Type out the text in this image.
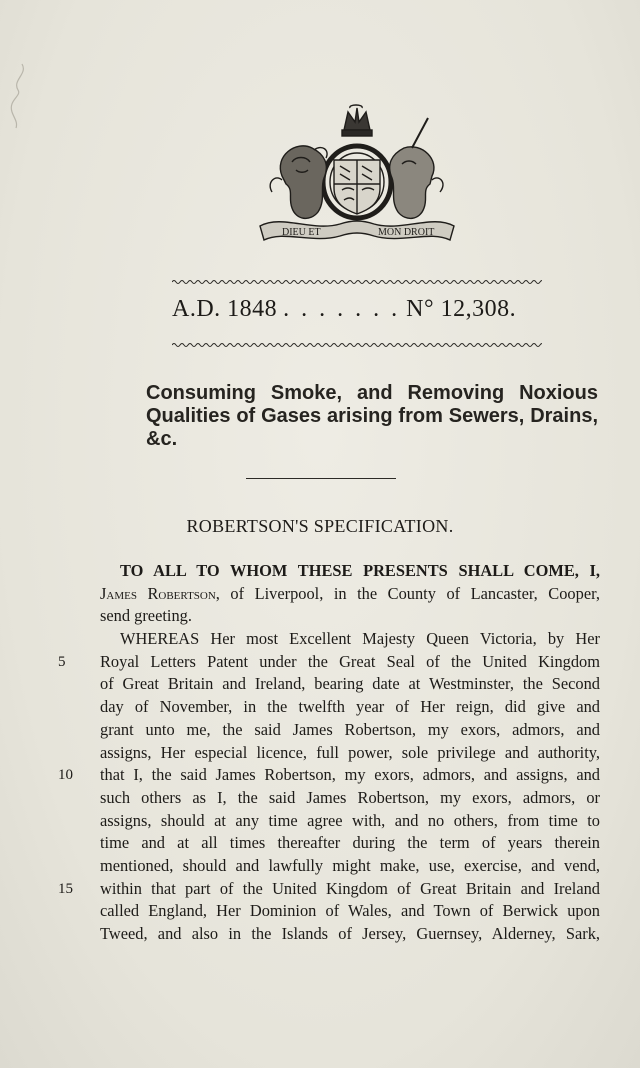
DIEU ET	MON DROIT
A.D. 1848 . . . . . . . N° 12,308.
Consuming Smoke, and Removing Noxious Qualities of Gases arising from Sewers, Drains, &c.
ROBERTSON'S SPECIFICATION.
TO ALL TO WHOM THESE PRESENTS SHALL COME, I,
James Robertson, of Liverpool, in the County of Lancaster, Cooper,
send greeting.
WHEREAS Her most Excellent Majesty Queen Victoria, by Her
5	Royal Letters Patent under the Great Seal of the United Kingdom
of Great Britain and Ireland, bearing date at Westminster, the Second
day of November, in the twelfth year of Her reign, did give and
grant unto me, the said James Robertson, my exors, admors, and
assigns, Her especial licence, full power, sole privilege and authority,
10	that I, the said James Robertson, my exors, admors, and assigns, and
such others as I, the said James Robertson, my exors, admors, or
assigns, should at any time agree with, and no others, from time to
time and at all times thereafter during the term of years therein
mentioned, should and lawfully might make, use, exercise, and vend,
15	within that part of the United Kingdom of Great Britain and Ireland
called England, Her Dominion of Wales, and Town of Berwick upon
Tweed, and also in the Islands of Jersey, Guernsey, Alderney, Sark,
